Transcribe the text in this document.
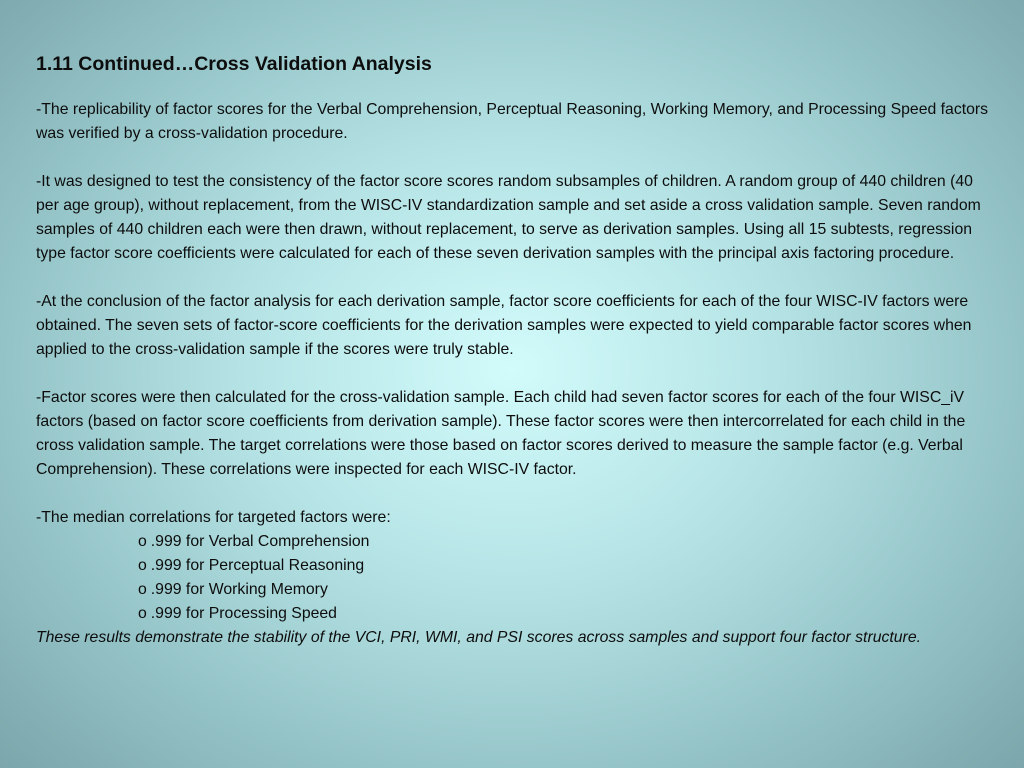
1.11 Continued…Cross Validation Analysis

-The replicability of factor scores for the Verbal Comprehension, Perceptual Reasoning, Working Memory, and Processing Speed factors was verified by a cross-validation procedure.

-It was designed to test the consistency of the factor score scores random subsamples of children. A random group of 440 children (40 per age group), without replacement, from the WISC-IV standardization sample and set aside a cross validation sample. Seven random samples of 440 children each were then drawn, without replacement, to serve as derivation samples. Using all 15 subtests, regression type factor score coefficients were calculated for each of these seven derivation samples with the principal axis factoring procedure.

-At the conclusion of the factor analysis for each derivation sample, factor score coefficients for each of the four WISC-IV factors were obtained. The seven sets of factor-score coefficients for the derivation samples were expected to yield comparable factor scores when applied to the cross-validation sample if the scores were truly stable.

-Factor scores were then calculated for the cross-validation sample. Each child had seven factor scores for each of the four WISC_iV factors (based on factor score coefficients from derivation sample). These factor scores were then intercorrelated for each child in the cross validation sample. The target correlations were those based on factor scores derived to measure the sample factor (e.g. Verbal Comprehension). These correlations were inspected for each WISC-IV factor.

-The median correlations for targeted factors were:

o .999 for Verbal Comprehension
o .999 for Perceptual Reasoning
o .999 for Working Memory
o .999 for Processing Speed

These results demonstrate the stability of the VCI, PRI, WMI, and PSI scores across samples and support four factor structure.
